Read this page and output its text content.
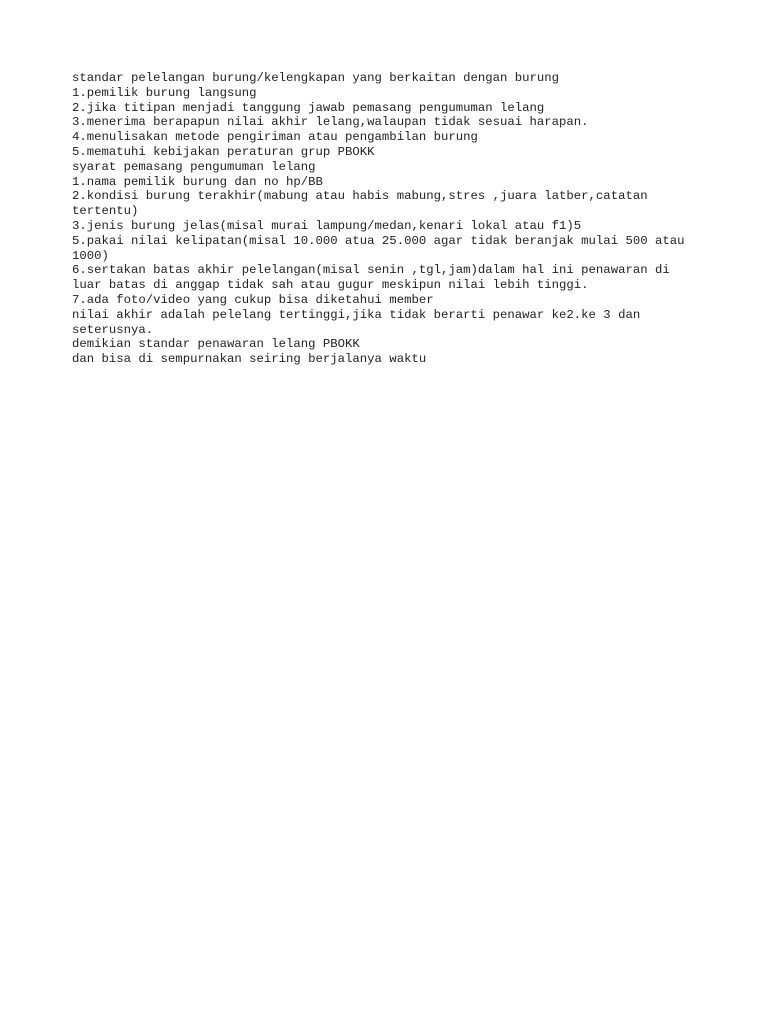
standar pelelangan burung/kelengkapan yang berkaitan dengan burung
1.pemilik burung langsung
2.jika titipan menjadi tanggung jawab pemasang pengumuman lelang
3.menerima berapapun nilai akhir lelang,walaupan tidak sesuai harapan.
4.menulisakan metode pengiriman atau pengambilan burung
5.mematuhi kebijakan peraturan grup PBOKK
syarat pemasang pengumuman lelang
1.nama pemilik burung dan no hp/BB
2.kondisi burung terakhir(mabung atau habis mabung,stres ,juara latber,catatan
tertentu)
3.jenis burung jelas(misal murai lampung/medan,kenari lokal atau f1)5
5.pakai nilai kelipatan(misal 10.000 atua 25.000 agar tidak beranjak mulai 500 atau
1000)
6.sertakan batas akhir pelelangan(misal senin ,tgl,jam)dalam hal ini penawaran di
luar batas di anggap tidak sah atau gugur meskipun nilai lebih tinggi.
7.ada foto/video yang cukup bisa diketahui member
nilai akhir adalah pelelang tertinggi,jika tidak berarti penawar ke2.ke 3 dan
seterusnya.
demikian standar penawaran lelang PBOKK
dan bisa di sempurnakan seiring berjalanya waktu
